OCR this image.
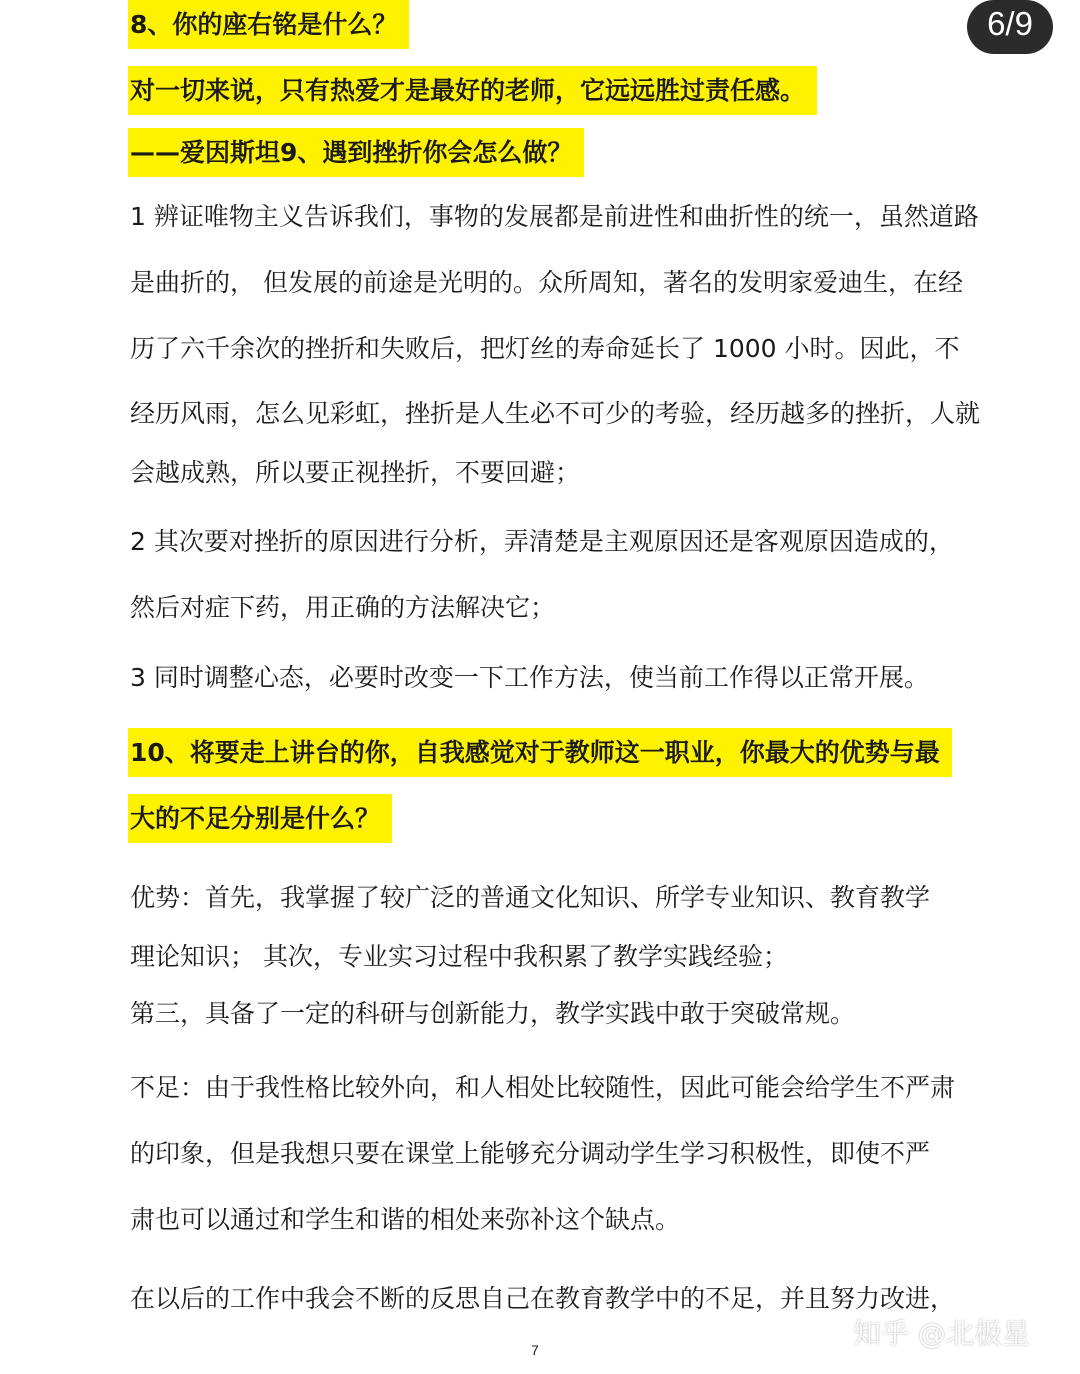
8、你的座右铭是什么？
对一切来说，只有热爱才是最好的老师，它远远胜过责任感。
——爱因斯坦9、遇到挫折你会怎么做？
1 辨证唯物主义告诉我们，事物的发展都是前进性和曲折性的统一，虽然道路
是曲折的， 但发展的前途是光明的。众所周知，著名的发明家爱迪生，在经
历了六千余次的挫折和失败后，把灯丝的寿命延长了 1000 小时。因此，不
经历风雨，怎么见彩虹，挫折是人生必不可少的考验，经历越多的挫折，人就
会越成熟，所以要正视挫折，不要回避；
2 其次要对挫折的原因进行分析，弄清楚是主观原因还是客观原因造成的，
然后对症下药，用正确的方法解决它；
3 同时调整心态，必要时改变一下工作方法，使当前工作得以正常开展。
10、将要走上讲台的你，自我感觉对于教师这一职业，你最大的优势与最
大的不足分别是什么？
优势：首先，我掌握了较广泛的普通文化知识、所学专业知识、教育教学
理论知识； 其次，专业实习过程中我积累了教学实践经验；
第三，具备了一定的科研与创新能力，教学实践中敢于突破常规。
不足：由于我性格比较外向，和人相处比较随性，因此可能会给学生不严肃
的印象，但是我想只要在课堂上能够充分调动学生学习积极性，即使不严
肃也可以通过和学生和谐的相处来弥补这个缺点。
在以后的工作中我会不断的反思自己在教育教学中的不足，并且努力改进，
7	知乎 @北极星
6/9
